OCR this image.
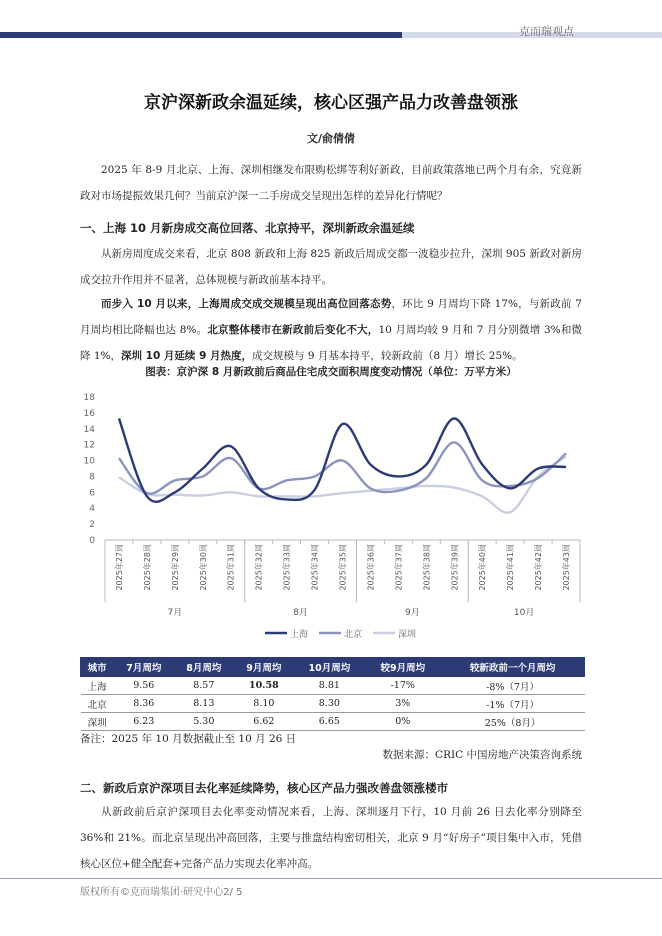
克而瑞观点
京沪深新政余温延续，核心区强产品力改善盘领涨
文/俞倩倩
2025 年 8-9 月北京、上海、深圳相继发布限购松绑等利好新政，目前政策落地已两个月有余，究竟新政对市场提振效果几何？当前京沪深一二手房成交呈现出怎样的差异化行情呢？
一、上海 10 月新房成交高位回落、北京持平，深圳新政余温延续
从新房周度成交来看，北京 808 新政和上海 825 新政后周成交都一波稳步拉升，深圳 905 新政对新房成交拉升作用并不显著，总体规模与新政前基本持平。
而步入 10 月以来，上海周成交成交规模呈现出高位回落态势，环比 9 月周均下降 17%，与新政前 7 月周均相比降幅也达 8%。北京整体楼市在新政前后变化不大，10 月周均较 9 月和 7 月分别微增 3%和微降 1%，深圳 10 月延续 9 月热度，成交规模与 9 月基本持平，较新政前（8 月）增长 25%。
图表：京沪深 8 月新政前后商品住宅成交面积周度变动情况（单位：万平方米）
0
2
4
6
8
10
12
14
16
18
2025年27周 2025年28周 2025年29周 2025年30周 2025年31周 2025年32周 2025年33周 2025年34周 2025年35周 2025年36周 2025年37周 2025年38周 2025年39周 2025年40周 2025年41周 2025年42周 2025年43周
7月	8月	9月	10月
上海	北京	深圳
城市	7月周均	8月周均	9月周均	10月周均	较9月周均	较新政前一个月周均
上海	9.56	8.57	10.58	8.81	-17%	-8%（7月）
北京	8.36	8.13	8.10	8.30	3%	-1%（7月）
深圳	6.23	5.30	6.62	6.65	0%	25%（8月）
备注：2025 年 10 月数据截止至 10 月 26 日
数据来源：CRIC 中国房地产决策咨询系统
二、新政后京沪深项目去化率延续降势，核心区产品力强改善盘领涨楼市
从新政前后京沪深项目去化率变动情况来看，上海、深圳逐月下行，10 月前 26 日去化率分别降至 36%和 21%。而北京呈现出冲高回落，主要与推盘结构密切相关，北京 9 月“好房子”项目集中入市，凭借核心区位+健全配套+完备产品力实现去化率冲高。
版权所有©克而瑞集团·研究中心2/ 5
